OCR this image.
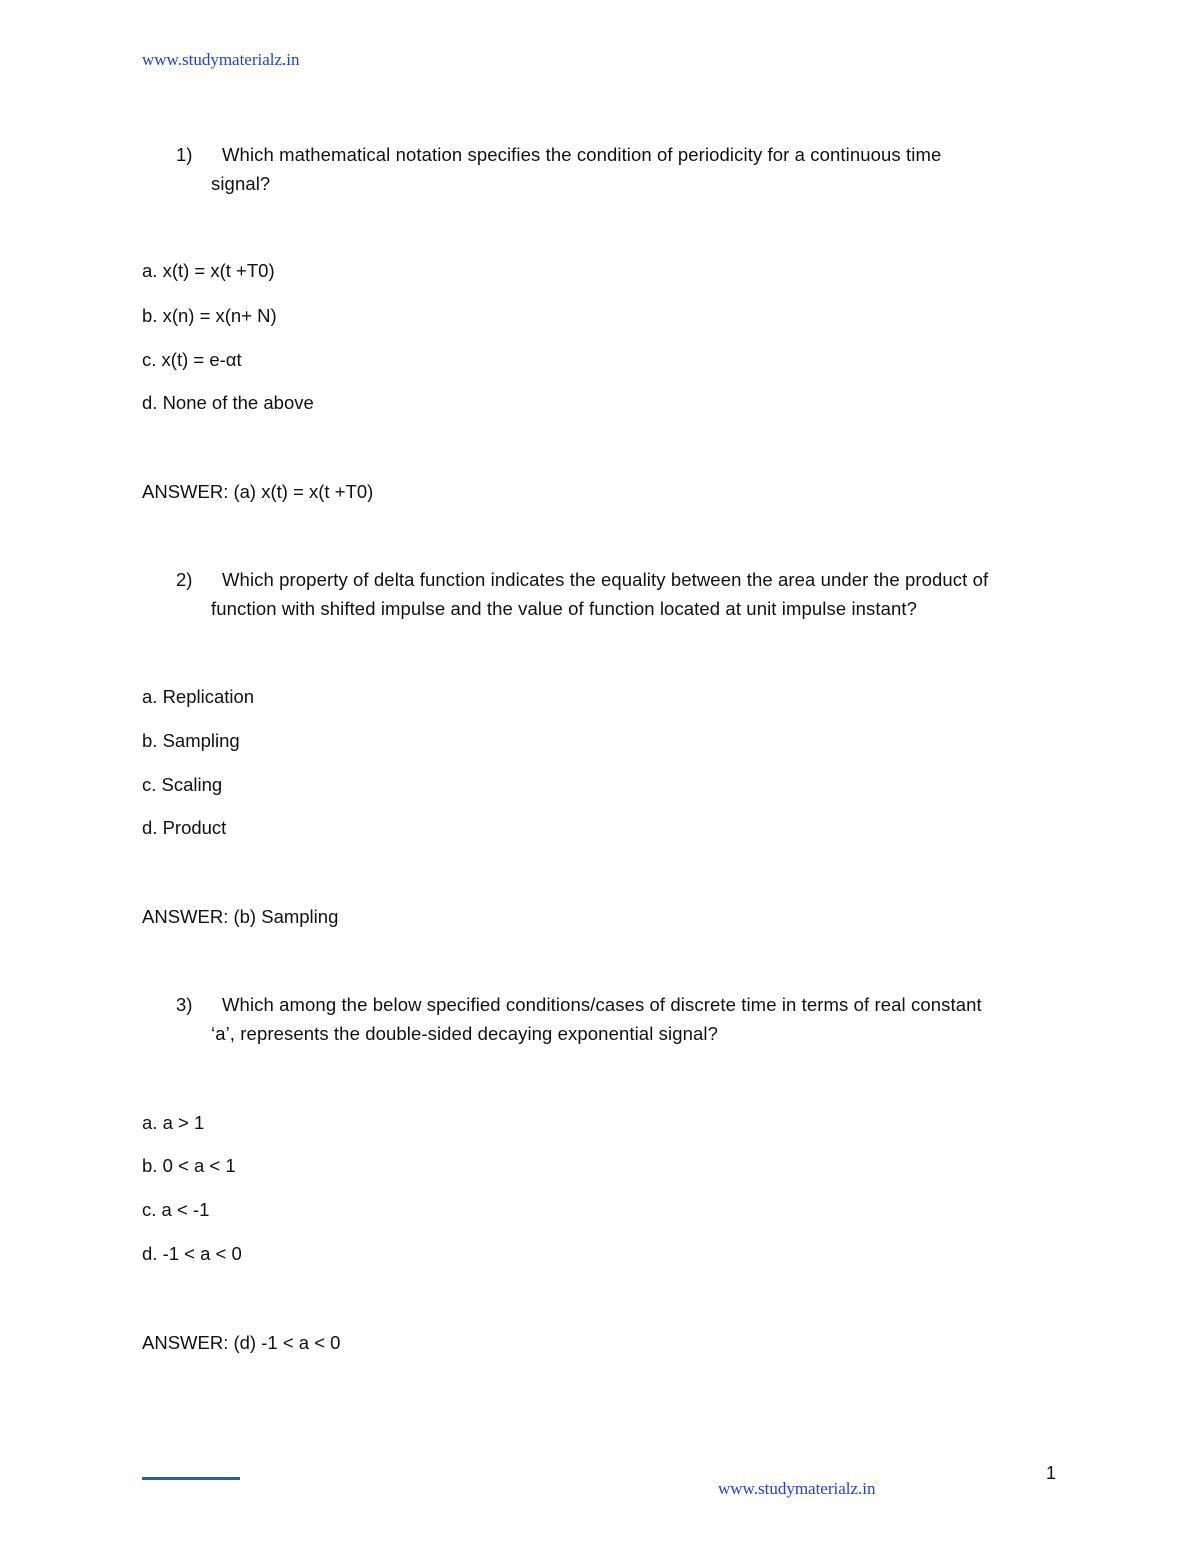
www.studymaterialz.in
1) Which mathematical notation specifies the condition of periodicity for a continuous time
signal?
a. x(t) = x(t +T0)
b. x(n) = x(n+ N)
c. x(t) = e-αt
d. None of the above
ANSWER: (a) x(t) = x(t +T0)
2) Which property of delta function indicates the equality between the area under the product of
function with shifted impulse and the value of function located at unit impulse instant?
a. Replication
b. Sampling
c. Scaling
d. Product
ANSWER: (b) Sampling
3) Which among the below specified conditions/cases of discrete time in terms of real constant
‘a’, represents the double-sided decaying exponential signal?
a. a > 1
b. 0 < a < 1
c. a < -1
d. -1 < a < 0
ANSWER: (d) -1 < a < 0
www.studymaterialz.in
1
